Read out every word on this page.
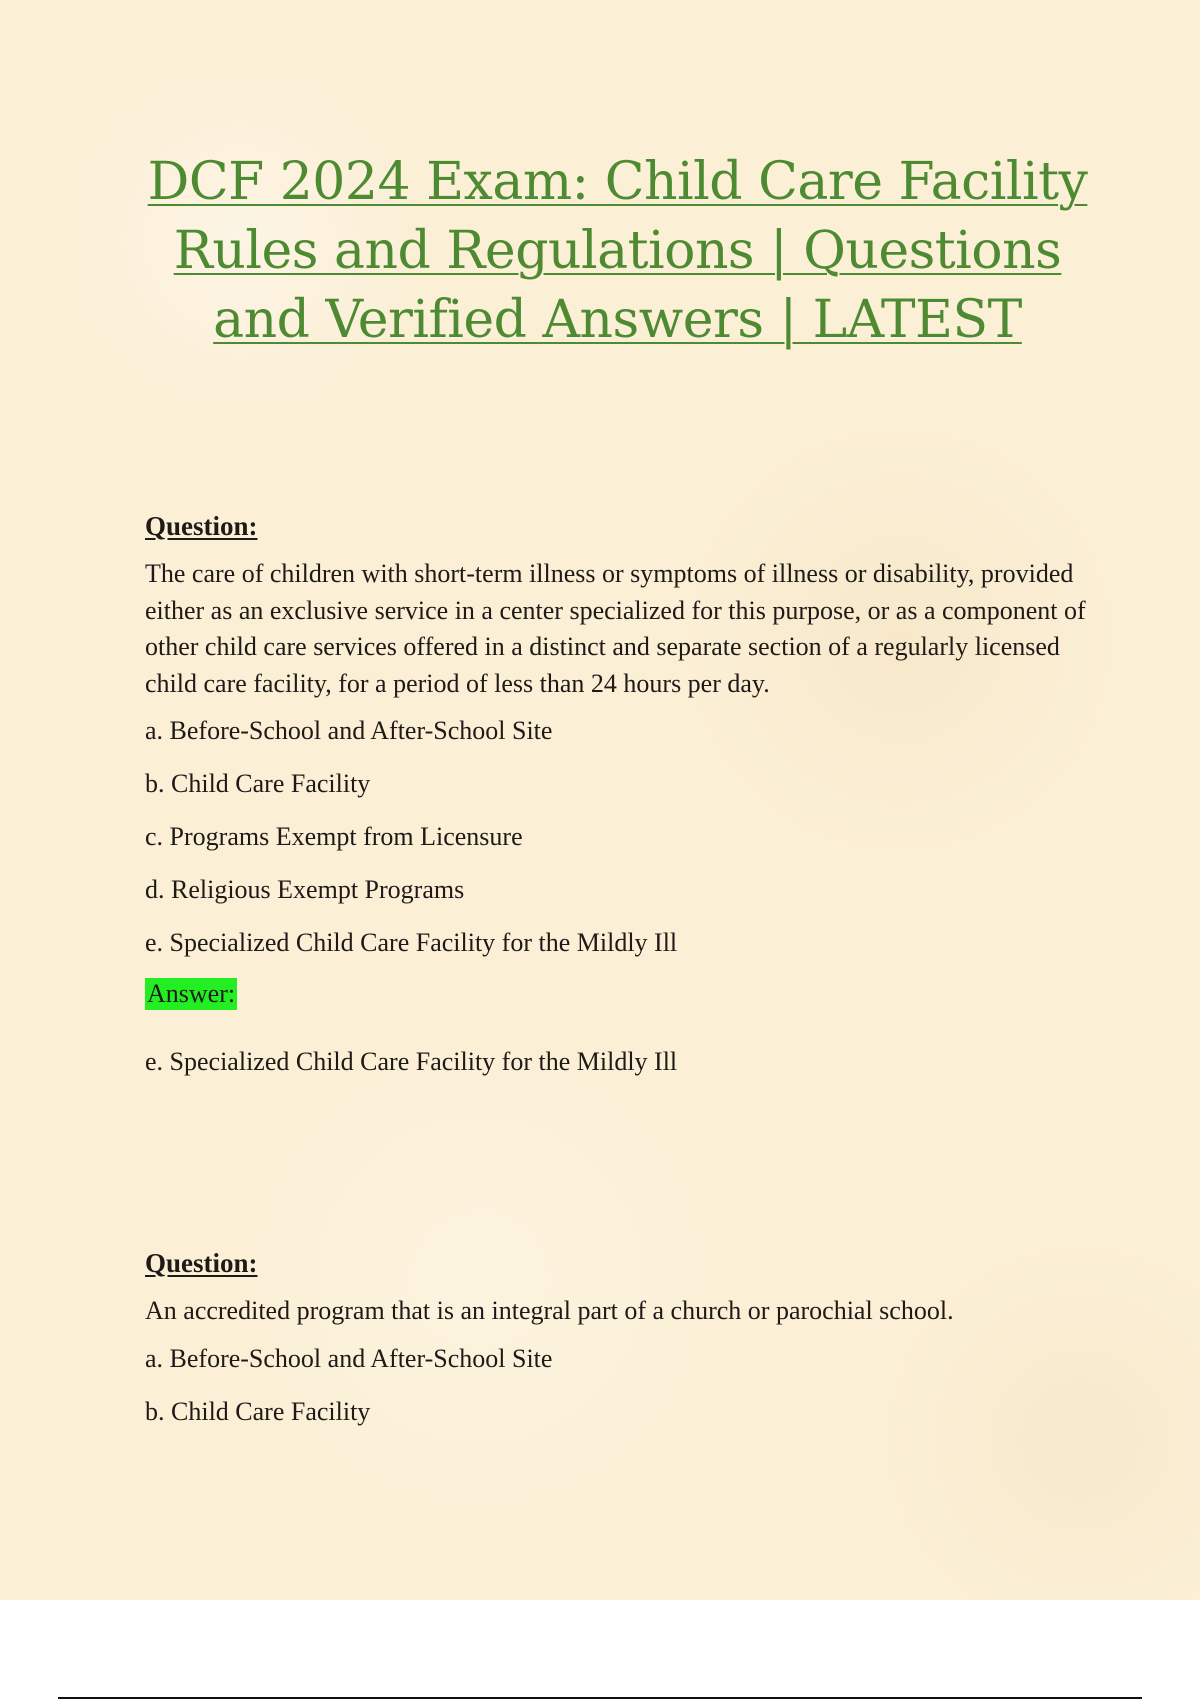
DCF 2024 Exam: Child Care Facility
Rules and Regulations | Questions
and Verified Answers | LATEST
Question:

The care of children with short-term illness or symptoms of illness or disability, provided either as an exclusive service in a center specialized for this purpose, or as a component of other child care services offered in a distinct and separate section of a regularly licensed child care facility, for a period of less than 24 hours per day.

a. Before-School and After-School Site
b. Child Care Facility
c. Programs Exempt from Licensure
d. Religious Exempt Programs
e. Specialized Child Care Facility for the Mildly Ill
Answer:
e. Specialized Child Care Facility for the Mildly Ill
Question:

An accredited program that is an integral part of a church or parochial school.

a. Before-School and After-School Site
b. Child Care Facility
